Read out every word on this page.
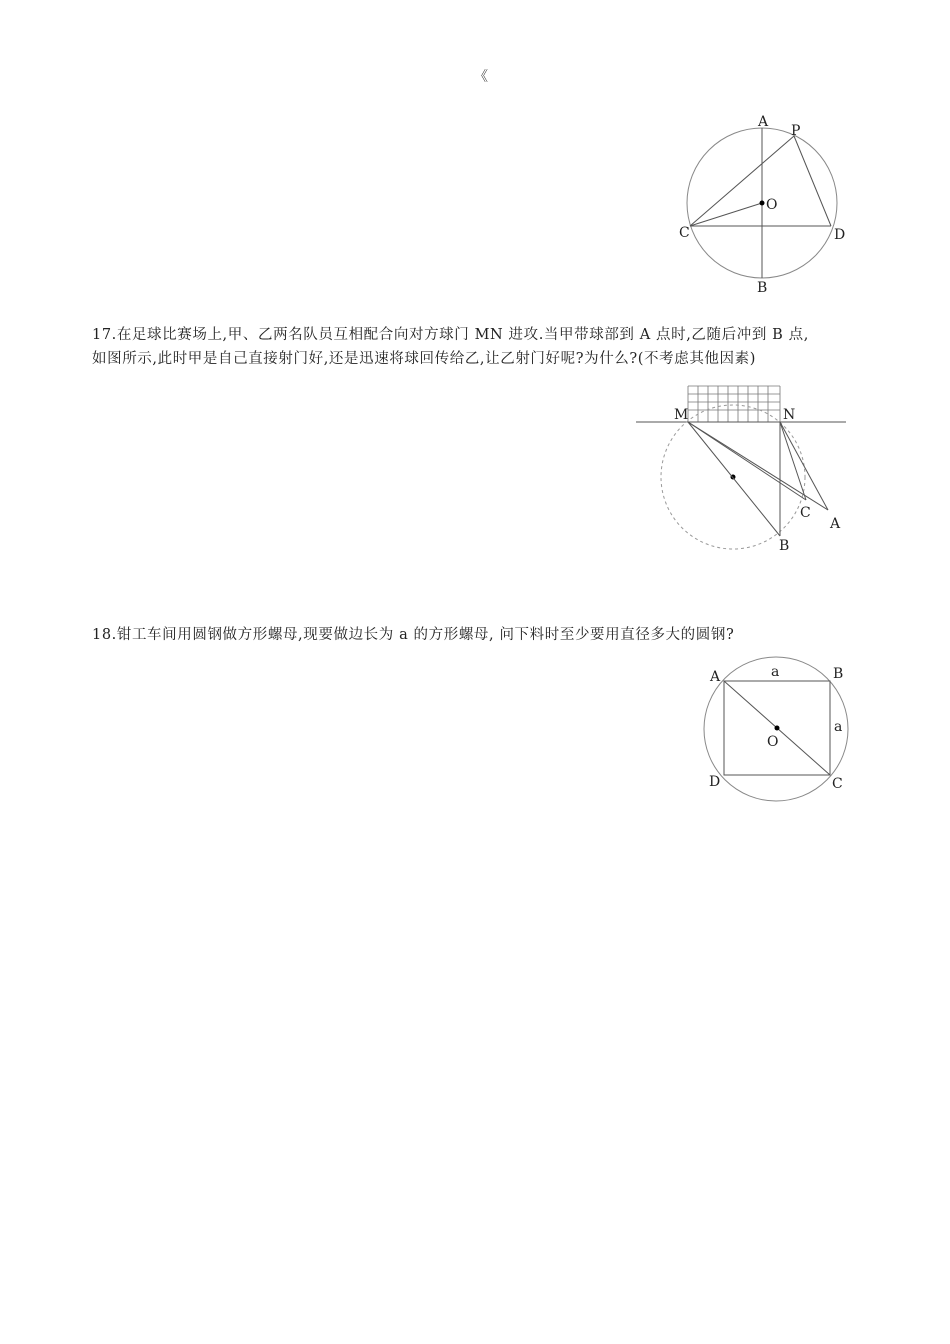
《
A
P
O
C	D
B
17.在足球比赛场上,甲、乙两名队员互相配合向对方球门 MN 进攻.当甲带球部到 A 点时,乙随后冲到 B 点,
如图所示,此时甲是自己直接射门好,还是迅速将球回传给乙,让乙射门好呢?为什么?(不考虑其他因素)
M	N
C
A
B
18.钳工车间用圆钢做方形螺母,现要做边长为 a 的方形螺母, 问下料时至少要用直径多大的圆钢?
A	B
C
D
O
a
a
